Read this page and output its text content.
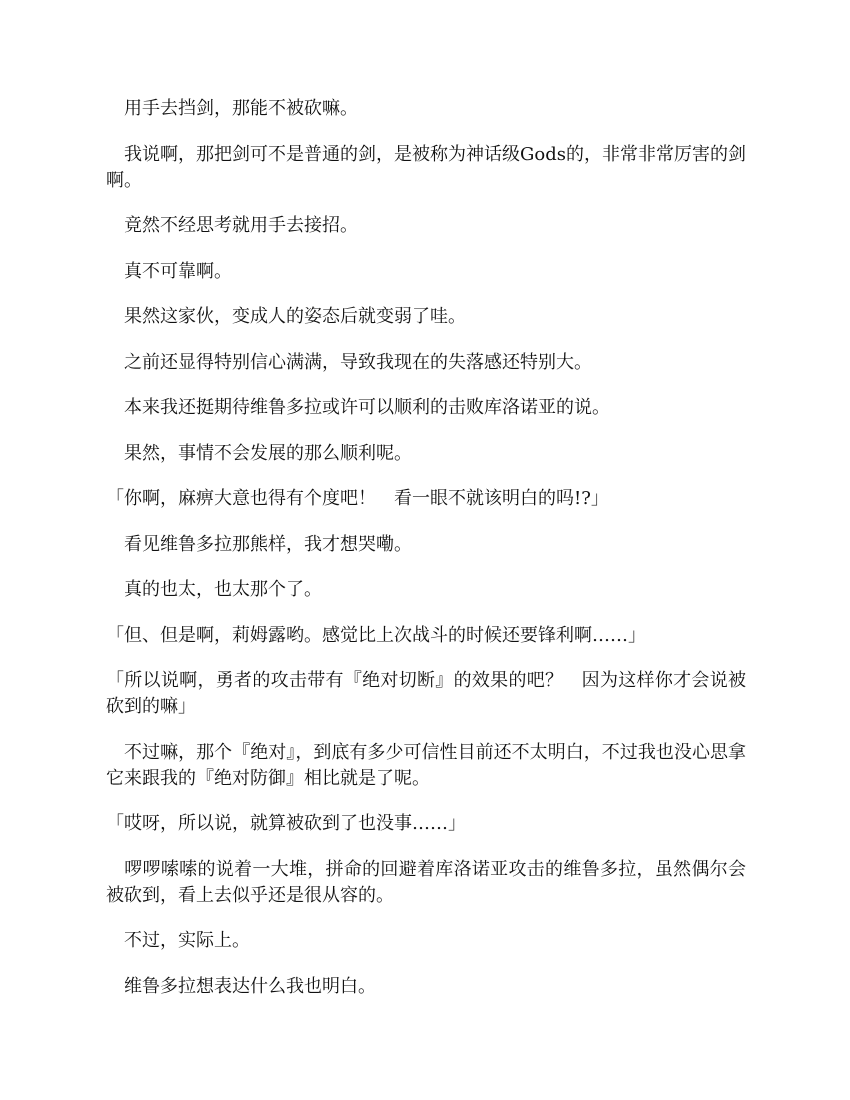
　用手去挡剑，那能不被砍嘛。

　我说啊，那把剑可不是普通的剑，是被称为神话级Gods的，非常非常厉害的剑啊。

　竟然不经思考就用手去接招。

　真不可靠啊。

　果然这家伙，变成人的姿态后就变弱了哇。

　之前还显得特别信心满满，导致我现在的失落感还特别大。

　本来我还挺期待维鲁多拉或许可以顺利的击败库洛诺亚的说。

　果然，事情不会发展的那么顺利呢。

「你啊，麻痹大意也得有个度吧！　看一眼不就该明白的吗!?」

　看见维鲁多拉那熊样，我才想哭嘞。

　真的也太，也太那个了。

「但、但是啊，莉姆露哟。感觉比上次战斗的时候还要锋利啊……」

「所以说啊，勇者的攻击带有『绝对切断』的效果的吧？　因为这样你才会说被砍到的嘛」

　不过嘛，那个『绝对』，到底有多少可信性目前还不太明白，不过我也没心思拿它来跟我的『绝对防御』相比就是了呢。

「哎呀，所以说，就算被砍到了也没事……」

　啰啰嗦嗦的说着一大堆，拼命的回避着库洛诺亚攻击的维鲁多拉，虽然偶尔会被砍到，看上去似乎还是很从容的。

　不过，实际上。

　维鲁多拉想表达什么我也明白。
